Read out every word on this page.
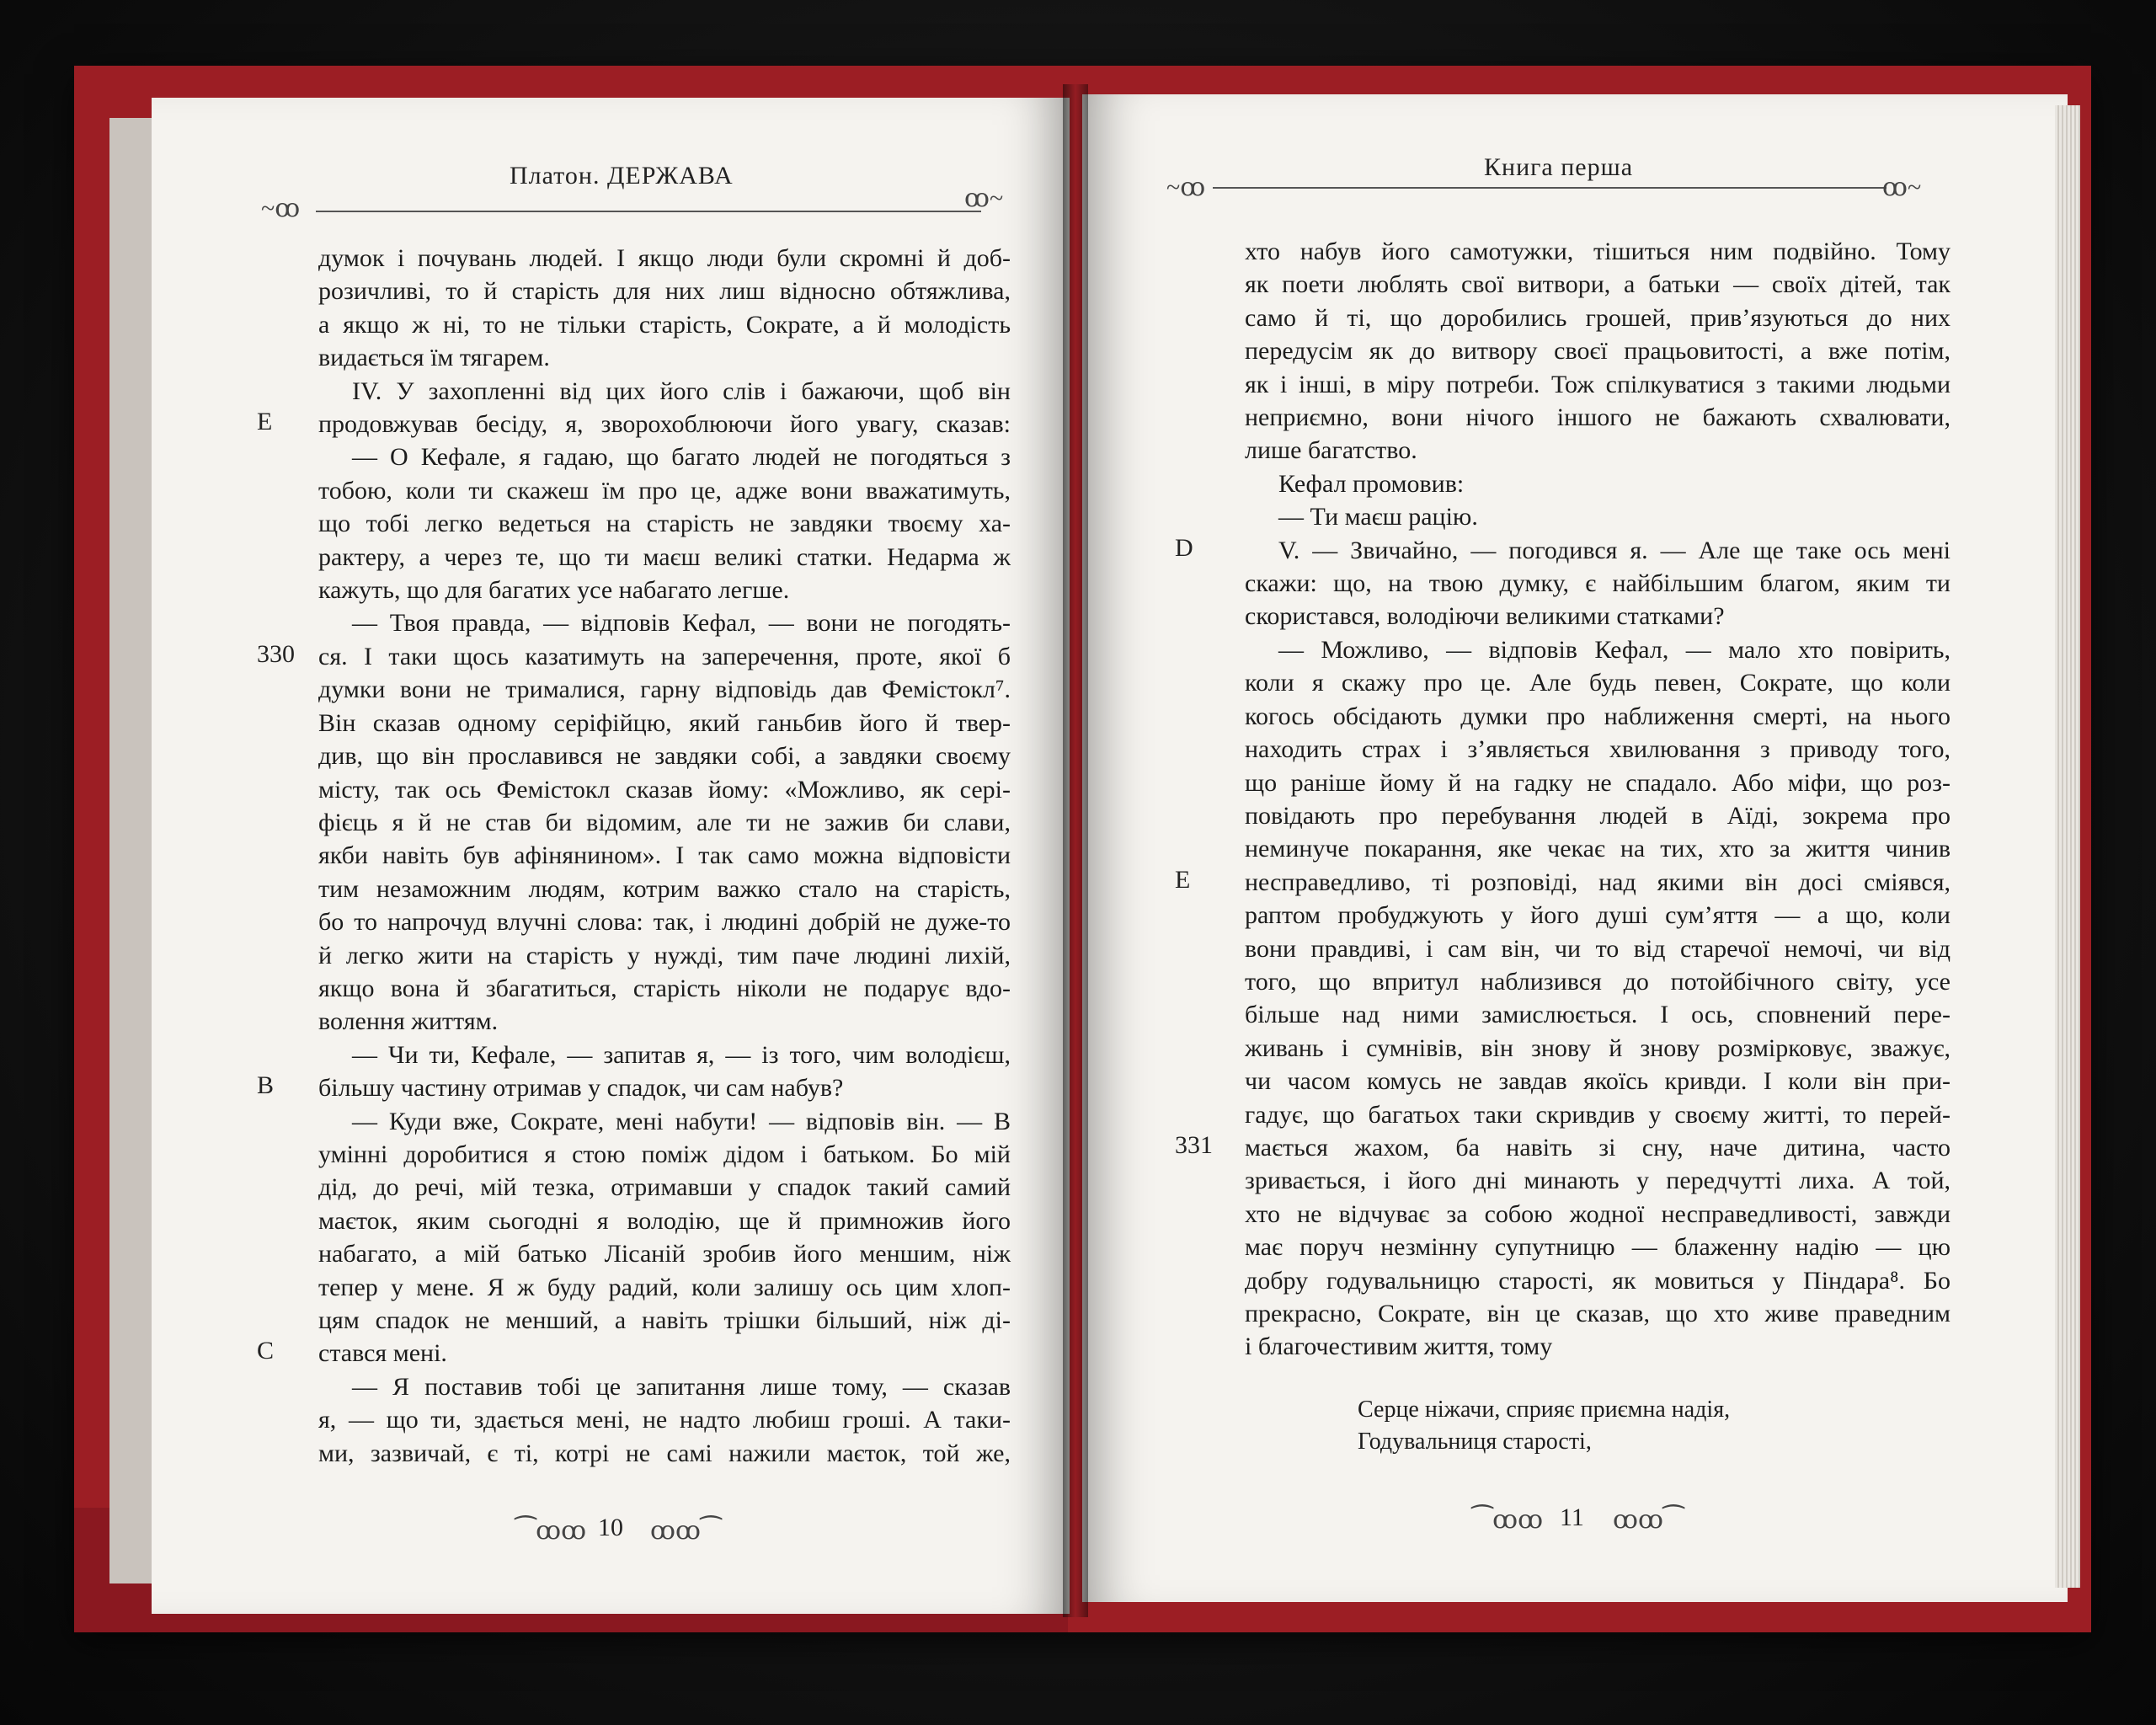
Платон. ДЕРЖАВА
~ꝏ	ꝏ~
Книга перша
~ꝏ	ꝏ~
думок і почувань людей. І якщо люди були скромні й доб-
розичливі, то й старість для них лиш відносно обтяжлива,
а якщо ж ні, то не тільки старість, Сократе, а й молодість
видається їм тягарем.
IV. У захопленні від цих його слів і бажаючи, щоб він
продовжував бесіду, я, зворохоблюючи його увагу, сказав:
— О Кефале, я гадаю, що багато людей не погодяться з
тобою, коли ти скажеш їм про це, адже вони вважатимуть,
що тобі легко ведеться на старість не завдяки твоєму ха-
рактеру, а через те, що ти маєш великі статки. Недарма ж
кажуть, що для багатих усе набагато легше.
— Твоя правда, — відповів Кефал, — вони не погодять-
ся. І таки щось казатимуть на заперечення, проте, якої б
думки вони не трималися, гарну відповідь дав Фемістокл⁷.
Він сказав одному серіфійцю, який ганьбив його й твер-
див, що він прославився не завдяки собі, а завдяки своєму
місту, так ось Фемістокл сказав йому: «Можливо, як серi-
фієць я й не став би відомим, але ти не зажив би слави,
якби навіть був афінянином». І так само можна відповісти
тим незаможним людям, котрим важко стало на старість,
бо то напрочуд влучні слова: так, і людині добрій не дуже-то
й легко жити на старість у нужді, тим паче людині лихій,
якщо вона й збагатиться, старість ніколи не подарує вдо-
волення життям.
— Чи ти, Кефале, — запитав я, — із того, чим володієш,
більшу частину отримав у спадок, чи сам набув?
— Куди вже, Сократе, мені набути! — відповів він. — В
умінні доробитися я стою поміж дідом і батьком. Бо мій
дід, до речі, мій тезка, отримавши у спадок такий самий
маєток, яким сьогодні я володію, ще й примножив його
набагато, а мій батько Лісаній зробив його меншим, ніж
тепер у мене. Я ж буду радий, коли залишу ось цим хлоп-
цям спадок не менший, а навіть трішки більший, ніж ді-
стався мені.
— Я поставив тобі це запитання лише тому, — сказав
я, — що ти, здається мені, не надто любиш гроші. А таки-
ми, зазвичай, є ті, котрі не самі нажили маєток, той же,
хто набув його самотужки, тішиться ним подвійно. Тому
як поети люблять свої витвори, а батьки — своїх дітей, так
само й ті, що доробились грошей, прив’язуються до них
передусім як до витвору своєї працьовитості, а вже потім,
як і інші, в міру потреби. Тож спілкуватися з такими людьми
неприємно, вони нічого іншого не бажають схвалювати,
лише багатство.
Кефал промовив:
— Ти маєш рацію.
V. — Звичайно, — погодився я. — Але ще таке ось мені
скажи: що, на твою думку, є найбільшим благом, яким ти
скористався, володіючи великими статками?
— Можливо, — відповів Кефал, — мало хто повірить,
коли я скажу про це. Але будь певен, Сократе, що коли
когось обсідають думки про наближення смерті, на нього
находить страх і з’являється хвилювання з приводу того,
що раніше йому й на гадку не спадало. Або міфи, що роз-
повідають про перебування людей в Аїді, зокрема про
неминуче покарання, яке чекає на тих, хто за життя чинив
несправедливо, ті розповіді, над якими він досі сміявся,
раптом пробуджують у його душі сум’яття — а що, коли
вони правдиві, і сам він, чи то від старечої немочі, чи від
того, що впритул наблизився до потойбічного світу, усе
більше над ними замислюється. І ось, сповнений пере-
живань і сумнівів, він знову й знову розмірковує, зважує,
чи часом комусь не завдав якоїсь кривди. І коли він при-
гадує, що багатьох таки скривдив у своєму житті, то перей-
мається жахом, ба навіть зі сну, наче дитина, часто
зривається, і його дні минають у передчутті лиха. А той,
хто не відчуває за собою жодної несправедливості, завжди
має поруч незмінну супутницю — блаженну надію — цю
добру годувальницю старості, як мовиться у Піндара⁸. Бо
прекрасно, Сократе, він це сказав, що хто живе праведним
і благочестивим життя, тому
E
330
B
C
D
E
331
Серце ніжачи, сприяє приємна надія,
Годувальниця старості,
⁀ꝏꝏ 10 ꝏꝏ⁀	⁀ꝏꝏ 11 ꝏꝏ⁀
